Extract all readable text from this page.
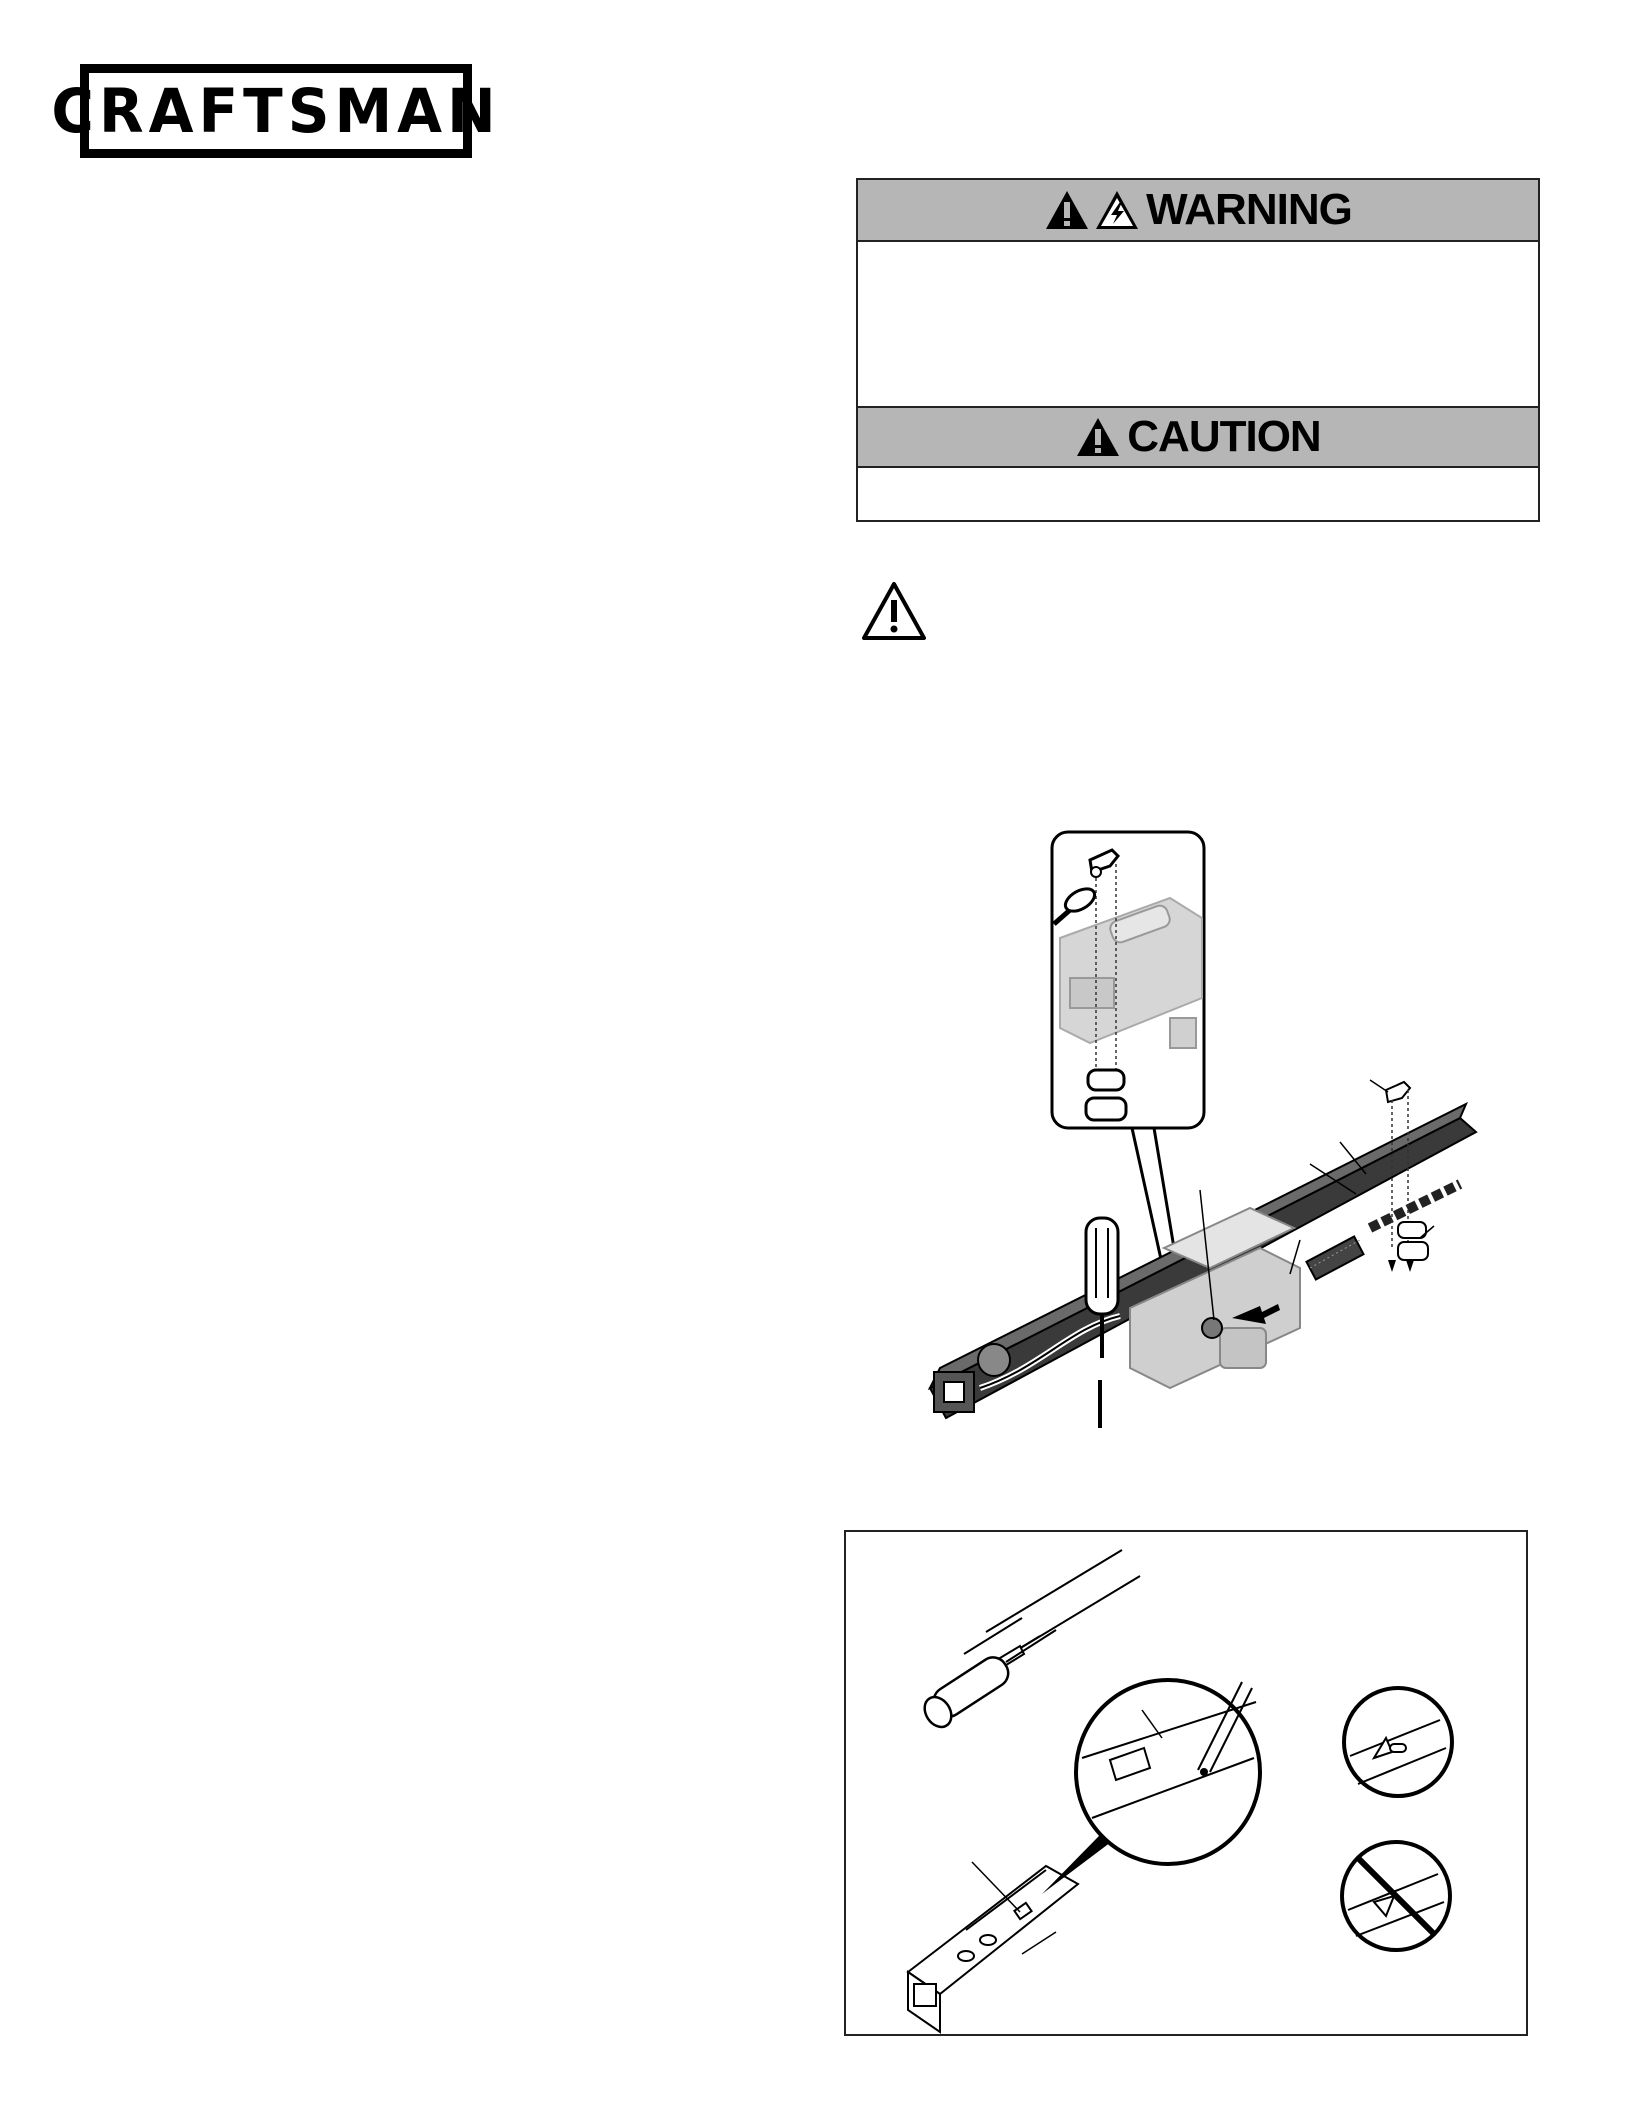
CRAFTSMAN
WARNING
CAUTION
